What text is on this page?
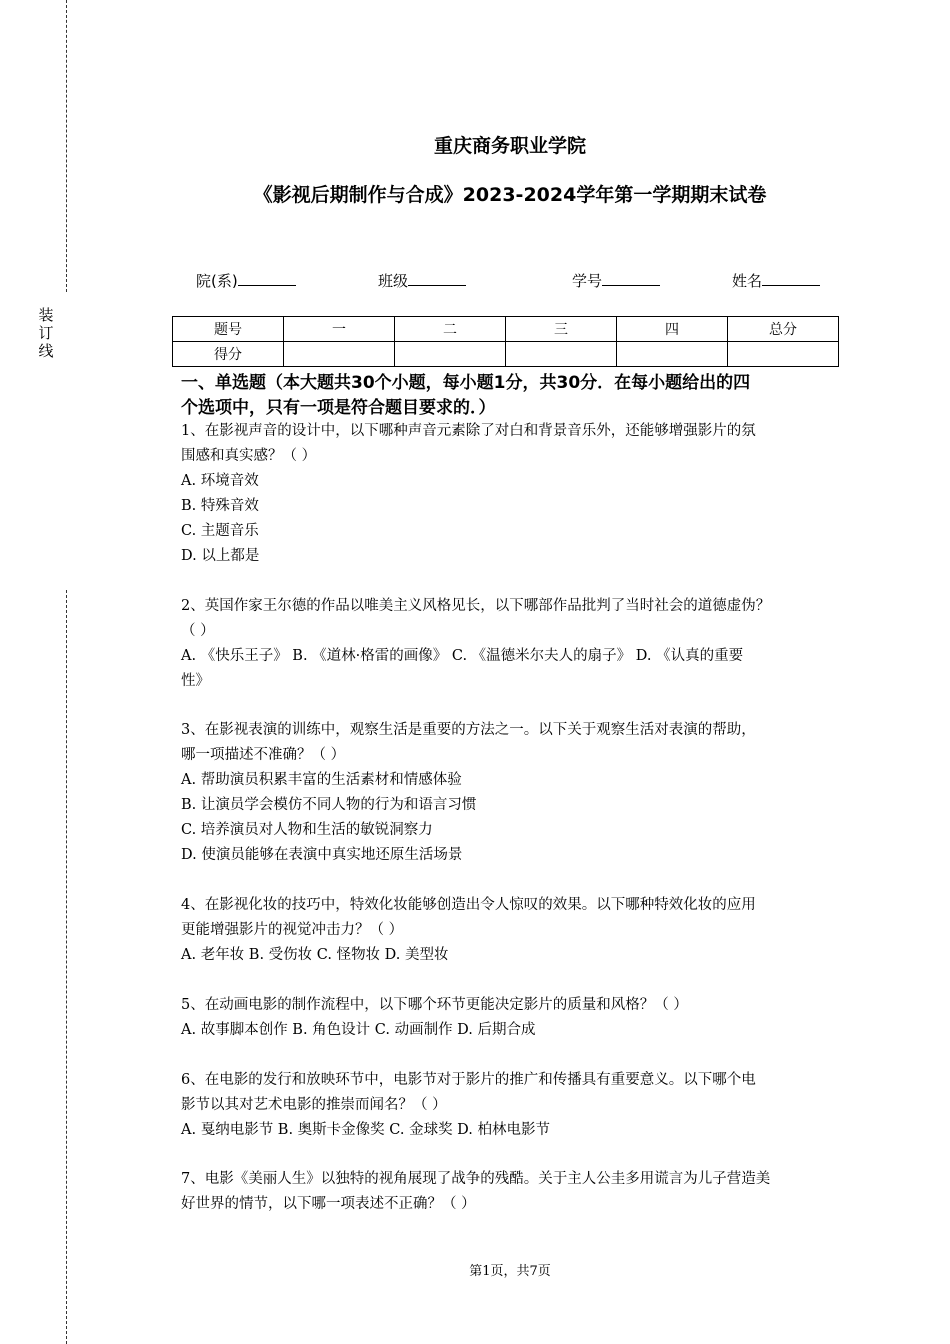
装
订
线
重庆商务职业学院
《影视后期制作与合成》2023-2024学年第一学期期末试卷
院(系)	班级	学号	姓名
题号	一	二	三	四	总分
得分					
一、单选题（本大题共30个小题，每小题1分，共30分．在每小题给出的四
个选项中，只有一项是符合题目要求的．）
1、在影视声音的设计中，以下哪种声音元素除了对白和背景音乐外，还能够增强影片的氛
围感和真实感？（ ）
A. 环境音效
B. 特殊音效
C. 主题音乐
D. 以上都是
2、英国作家王尔德的作品以唯美主义风格见长，以下哪部作品批判了当时社会的道德虚伪？
（ ）
A. 《快乐王子》 B. 《道林·格雷的画像》 C. 《温德米尔夫人的扇子》 D. 《认真的重要
性》
3、在影视表演的训练中，观察生活是重要的方法之一。以下关于观察生活对表演的帮助，
哪一项描述不准确？（ ）
A. 帮助演员积累丰富的生活素材和情感体验
B. 让演员学会模仿不同人物的行为和语言习惯
C. 培养演员对人物和生活的敏锐洞察力
D. 使演员能够在表演中真实地还原生活场景
4、在影视化妆的技巧中，特效化妆能够创造出令人惊叹的效果。以下哪种特效化妆的应用
更能增强影片的视觉冲击力？（ ）
A. 老年妆 B. 受伤妆 C. 怪物妆 D. 美型妆
5、在动画电影的制作流程中，以下哪个环节更能决定影片的质量和风格？（ ）
A. 故事脚本创作 B. 角色设计 C. 动画制作 D. 后期合成
6、在电影的发行和放映环节中，电影节对于影片的推广和传播具有重要意义。以下哪个电
影节以其对艺术电影的推崇而闻名？（ ）
A. 戛纳电影节 B. 奥斯卡金像奖 C. 金球奖 D. 柏林电影节
7、电影《美丽人生》以独特的视角展现了战争的残酷。关于主人公圭多用谎言为儿子营造美
好世界的情节，以下哪一项表述不正确？（ ）
第1页，共7页
